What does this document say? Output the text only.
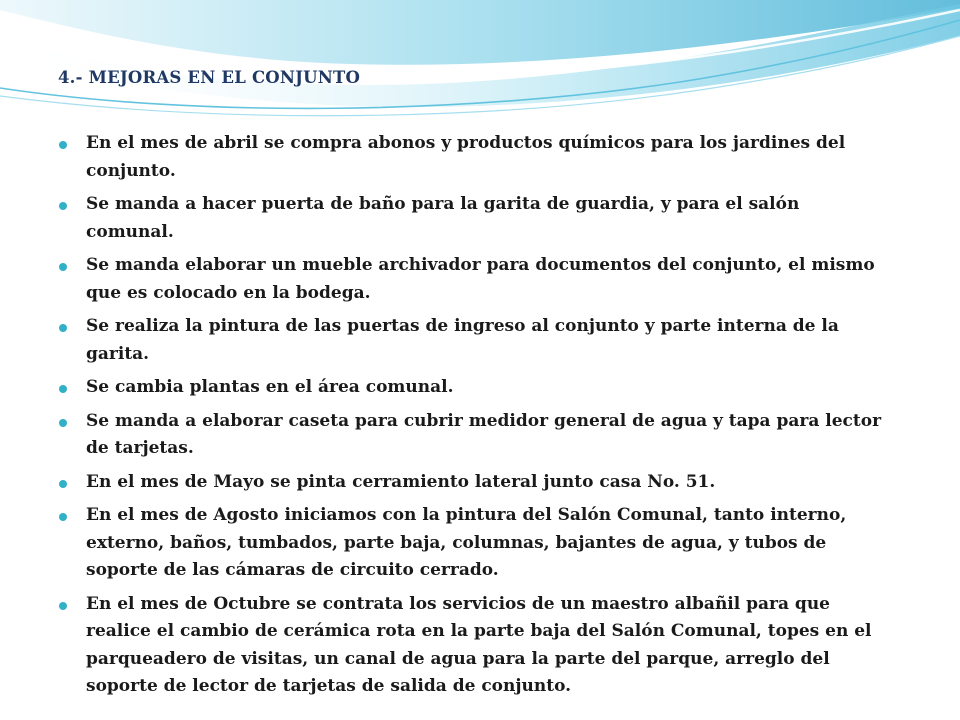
4.- MEJORAS EN EL CONJUNTO
En el mes de abril se compra abonos y productos químicos para los jardines del conjunto.
Se manda a hacer puerta de baño para la garita de guardia, y para el salón comunal.
Se manda elaborar un mueble archivador para documentos del conjunto, el mismo que es colocado en la bodega.
Se realiza la pintura de las puertas de ingreso al conjunto y parte interna de la garita.
Se cambia plantas en el área comunal.
Se manda a elaborar caseta para cubrir medidor general de agua y tapa para lector de tarjetas.
En el mes de Mayo se pinta cerramiento lateral junto casa No. 51.
En el mes de Agosto iniciamos con la pintura del Salón Comunal, tanto interno, externo, baños, tumbados, parte baja, columnas, bajantes de agua, y tubos de soporte de las cámaras de circuito cerrado.
En el mes de Octubre se contrata los servicios de un maestro albañil para que realice el cambio de cerámica rota en la parte baja del Salón Comunal, topes en el parqueadero de visitas, un canal de agua para la parte del parque, arreglo del soporte de lector de tarjetas de salida de conjunto.
